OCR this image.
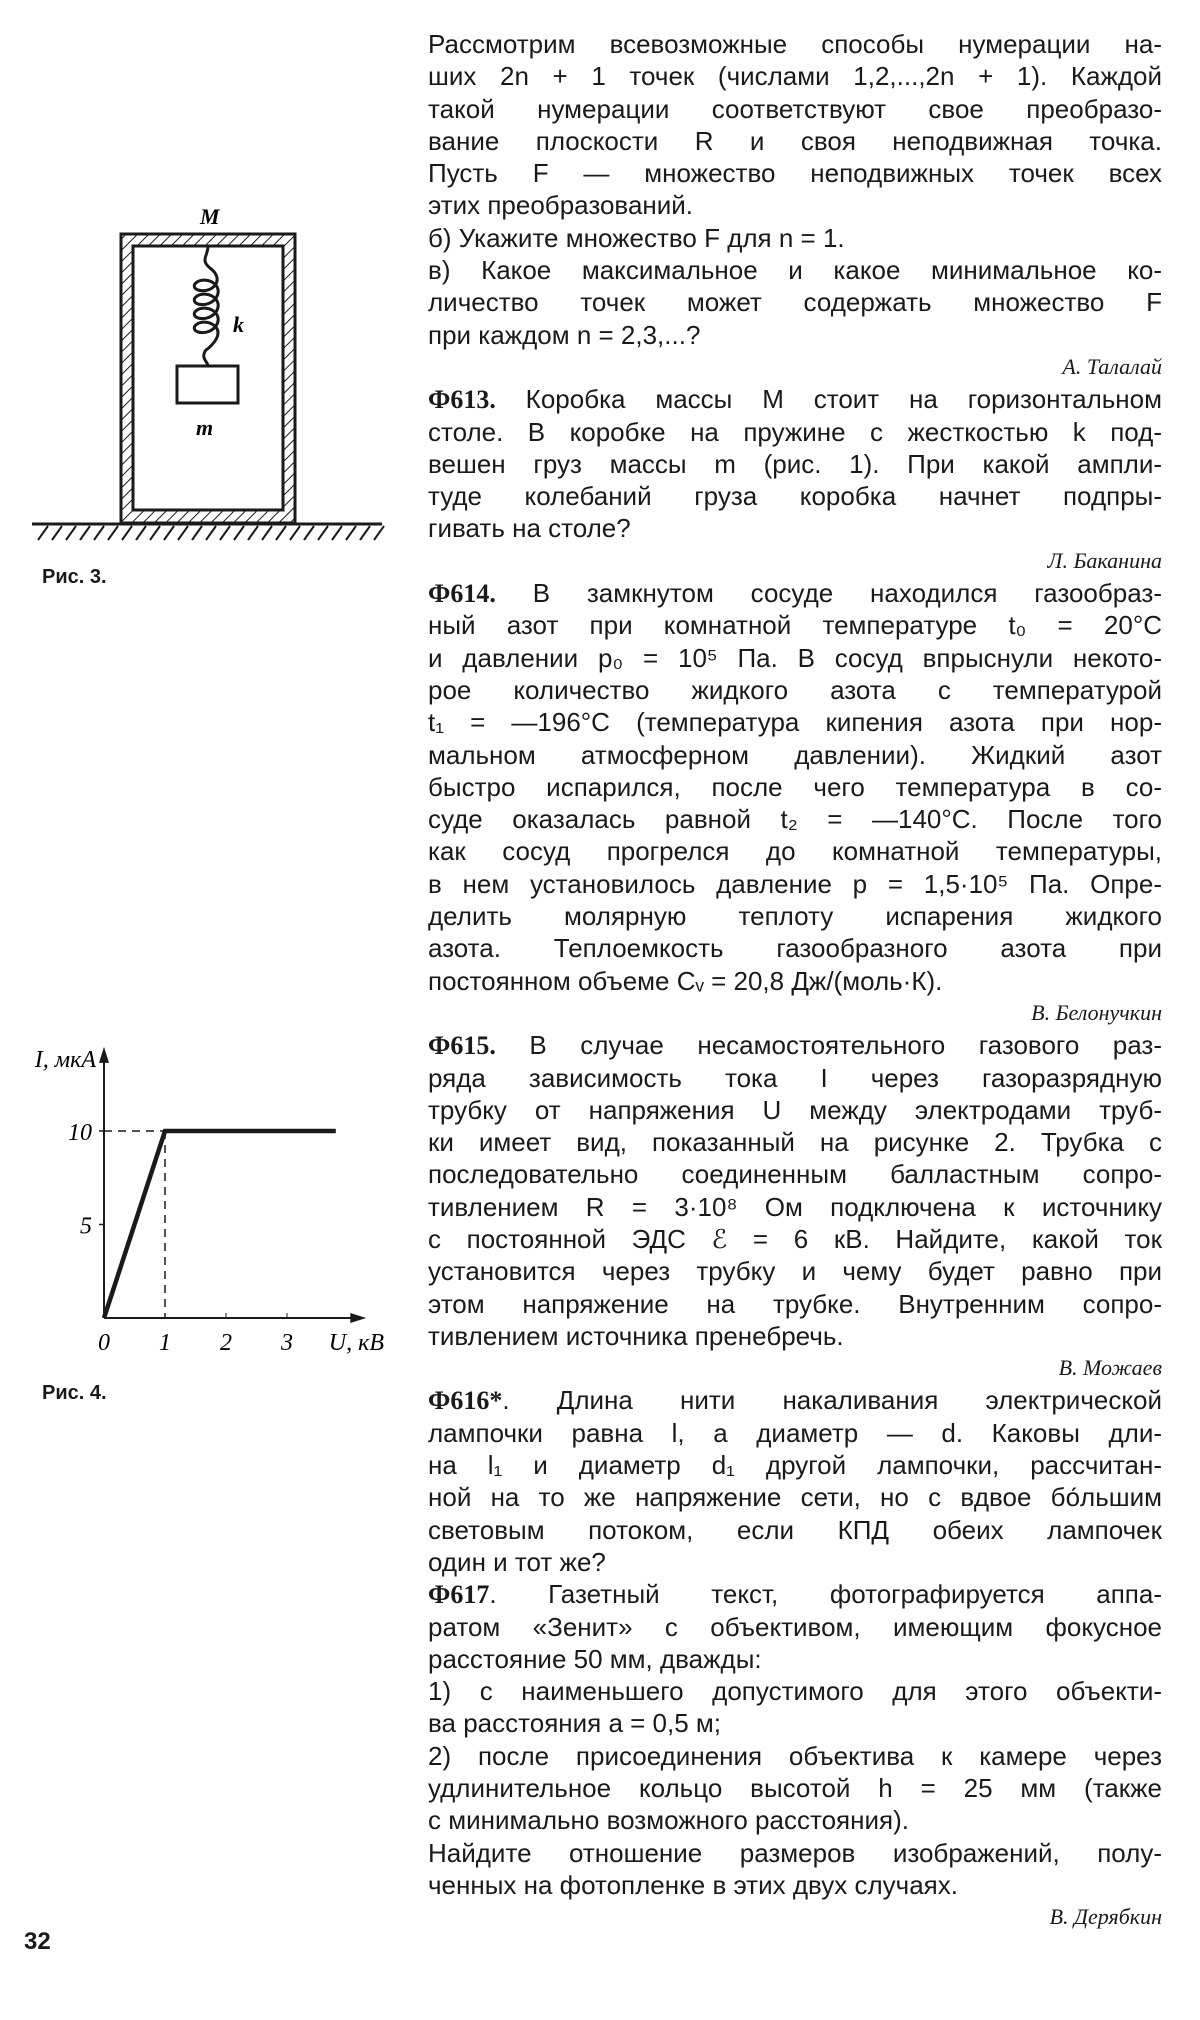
Рассмотрим всевозможные способы нумерации на-
ших 2n + 1 точек (числами 1,2,...,2n + 1). Каждой
такой нумерации соответствуют свое преобразо-
вание плоскости R и своя неподвижная точка.
Пусть F — множество неподвижных точек всех
этих преобразований.
б) Укажите множество F для n = 1.
в) Какое максимальное и какое минимальное ко-
личество точек может содержать множество F
при каждом n = 2,3,...?
А. Талалай
Ф613. Коробка массы M стоит на горизонтальном
столе. В коробке на пружине с жесткостью k под-
вешен груз массы m (рис. 1). При какой ампли-
туде колебаний груза коробка начнет подпры-
гивать на столе?
Л. Баканина
Ф614. В замкнутом сосуде находился газообраз-
ный азот при комнатной температуре t₀ = 20°C
и давлении p₀ = 10⁵ Па. В сосуд впрыснули некото-
рое количество жидкого азота с температурой
t₁ = —196°С (температура кипения азота при нор-
мальном атмосферном давлении). Жидкий азот
быстро испарился, после чего температура в со-
суде оказалась равной t₂ = —140°С. После того
как сосуд прогрелся до комнатной температуры,
в нем установилось давление p = 1,5·10⁵ Па. Опре-
делить молярную теплоту испарения жидкого
азота. Теплоемкость газообразного азота при
постоянном объеме Cᵥ = 20,8 Дж/(моль·К).
В. Белонучкин
Ф615. В случае несамостоятельного газового раз-
ряда зависимость тока I через газоразрядную
трубку от напряжения U между электродами труб-
ки имеет вид, показанный на рисунке 2. Трубка с
последовательно соединенным балластным сопро-
тивлением R = 3·10⁸ Ом подключена к источнику
с постоянной ЭДС ℰ = 6 кВ. Найдите, какой ток
установится через трубку и чему будет равно при
этом напряжение на трубке. Внутренним сопро-
тивлением источника пренебречь.
В. Можаев
Ф616*. Длина нити накаливания электрической
лампочки равна l, а диаметр — d. Каковы дли-
на l₁ и диаметр d₁ другой лампочки, рассчитан-
ной на то же напряжение сети, но с вдвое бо́льшим
световым потоком, если КПД обеих лампочек
один и тот же?
Ф617. Газетный текст, фотографируется аппа-
ратом «Зенит» с объективом, имеющим фокусное
расстояние 50 мм, дважды:
1) с наименьшего допустимого для этого объекти-
ва расстояния a = 0,5 м;
2) после присоединения объектива к камере через
удлинительное кольцо высотой h = 25 мм (также
с минимально возможного расстояния).
Найдите отношение размеров изображений, полу-
ченных на фотопленке в этих двух случаях.
В. Дерябкин
M
k
m
Рис. 3.
0 1 2 3
5
10
U, кВ
I, мкА
Рис. 4.
32
